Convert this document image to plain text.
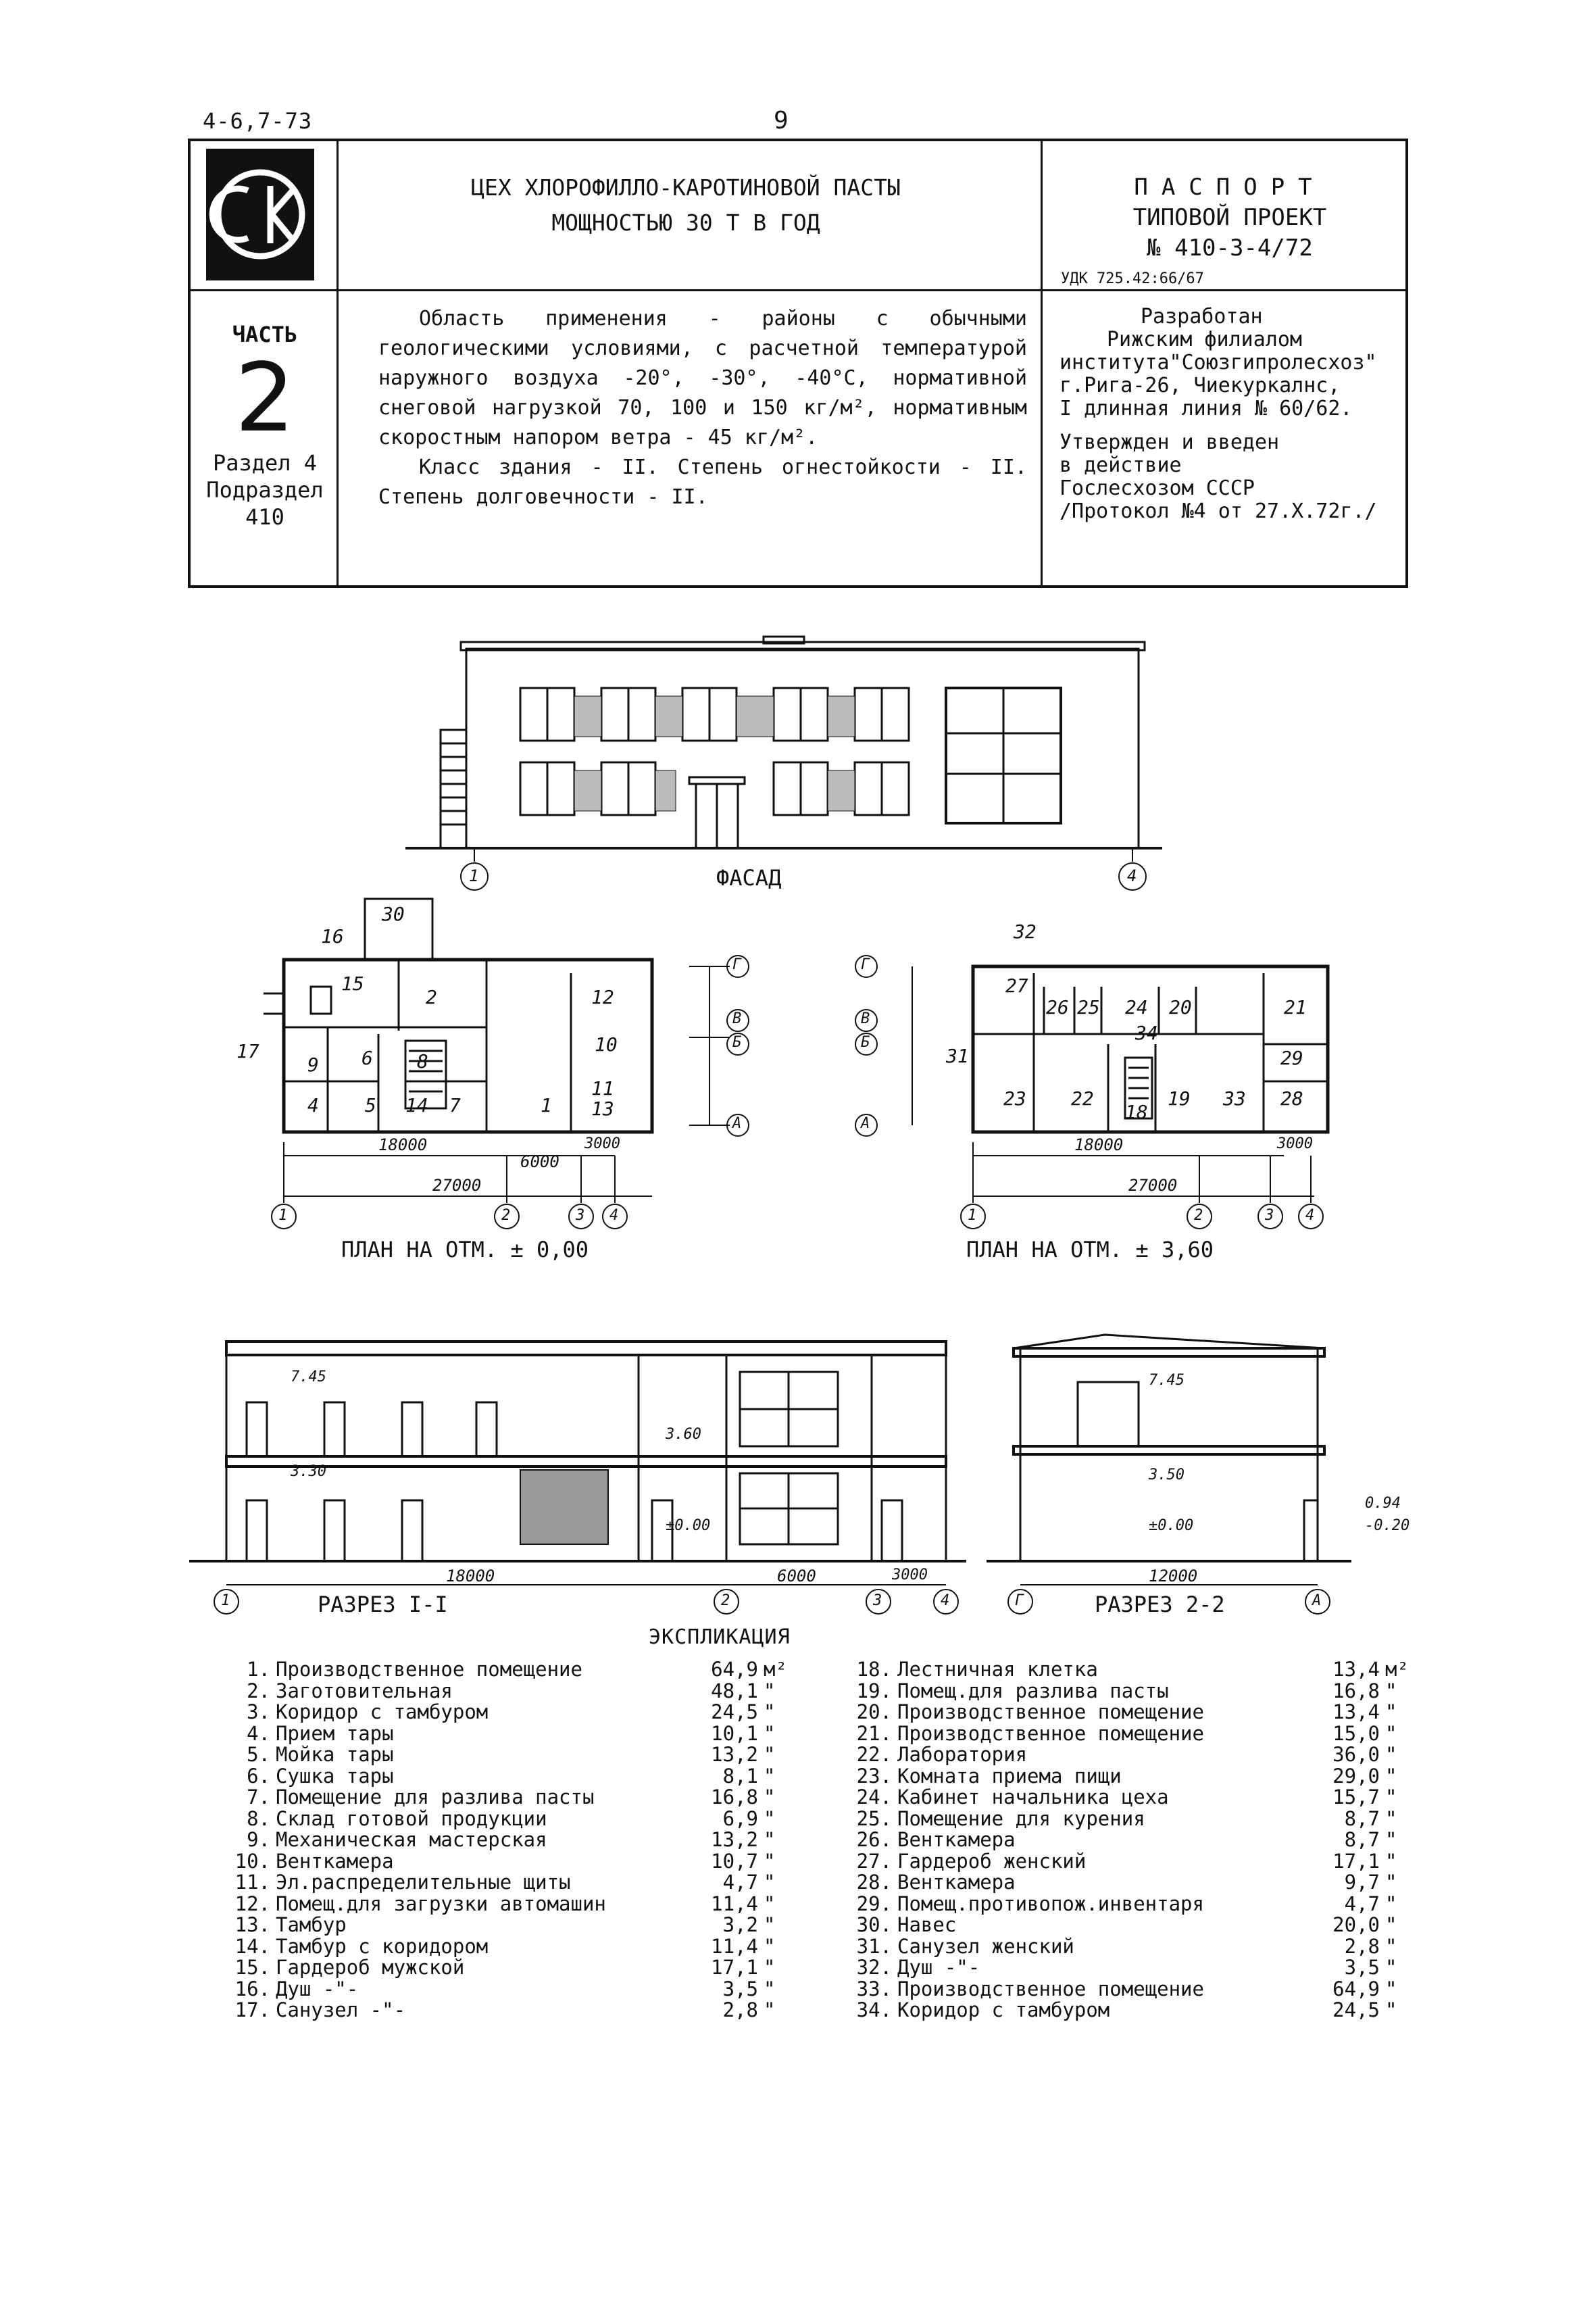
4-6,7-73	9
ЦЕХ ХЛОРОФИЛЛО-КАРОТИНОВОЙ ПАСТЫ
МОЩНОСТЬЮ 30 Т В ГОД
ПАСПОРТ
ТИПОВОЙ ПРОЕКТ
№ 410-3-4/72
УДК 725.42:66/67
ЧАСТЬ
2
Раздел 4
Подраздел
410
Область применения - районы с обычными геологическими условиями, с расчетной температурой наружного воздуха -20°, -30°, -40°С, нормативной снеговой нагрузкой 70, 100 и 150 кг/м², нормативным скоростным напором ветра - 45 кг/м².
Класс здания - II. Степень огнестойкости - II. Степень долговечности - II.
Разработан
Рижским филиалом
института"Союзгипролесхоз"
г.Рига-26, Чиекуркалнс,
I длинная линия № 60/62.
Утвержден и введен
в действие
Гослесхозом СССР
/Протокол №4 от 27.X.72г./
2	12
15
9 6 8
4 5 14 7	1
10
11
13
30
16
17
27
26 25 24 20	21
34
23 22
18
19 33
29
28
32
31
ФАСАД
ПЛАН НА ОТМ. ± 0,00	ПЛАН НА ОТМ. ± 3,60
РАЗРЕЗ I-I	РАЗРЕЗ 2-2
18000
27000
6000
3000	18000
27000
3000
18000	6000	3000	12000
7.45
3.60
3.30
±0.00
7.45
3.50
±0.00
0.94
-0.20
1	4
Г
В
Б
А
1	2	3 4	1	2	3 4
Г
В
Б
А
1	2	3	4	Г	А
ЭКСПЛИКАЦИЯ
1. Производственное помещение	64,9 м²
2. Заготовительная	48,1 "
3. Коридор с тамбуром	24,5 "
4. Прием тары	10,1 "
5. Мойка тары	13,2 "
6. Сушка тары	8,1 "
7. Помещение для разлива пасты	16,8 "
8. Склад готовой продукции	6,9 "
9. Механическая мастерская	13,2 "
10. Венткамера	10,7 "
11. Эл.распределительные щиты	4,7 "
12. Помещ.для загрузки автомашин	11,4 "
13. Тамбур	3,2 "
14. Тамбур с коридором	11,4 "
15. Гардероб мужской	17,1 "
16. Душ -"-	3,5 "
17. Санузел -"-	2,8 "
18. Лестничная клетка	13,4 м²
19. Помещ.для разлива пасты	16,8 "
20. Производственное помещение	13,4 "
21. Производственное помещение	15,0 "
22. Лаборатория	36,0 "
23. Комната приема пищи	29,0 "
24. Кабинет начальника цеха	15,7 "
25. Помещение для курения	8,7 "
26. Венткамера	8,7 "
27. Гардероб женский	17,1 "
28. Венткамера	9,7 "
29. Помещ.противопож.инвентаря	4,7 "
30. Навес	20,0 "
31. Санузел женский	2,8 "
32. Душ -"-	3,5 "
33. Производственное помещение	64,9 "
34. Коридор с тамбуром	24,5 "
